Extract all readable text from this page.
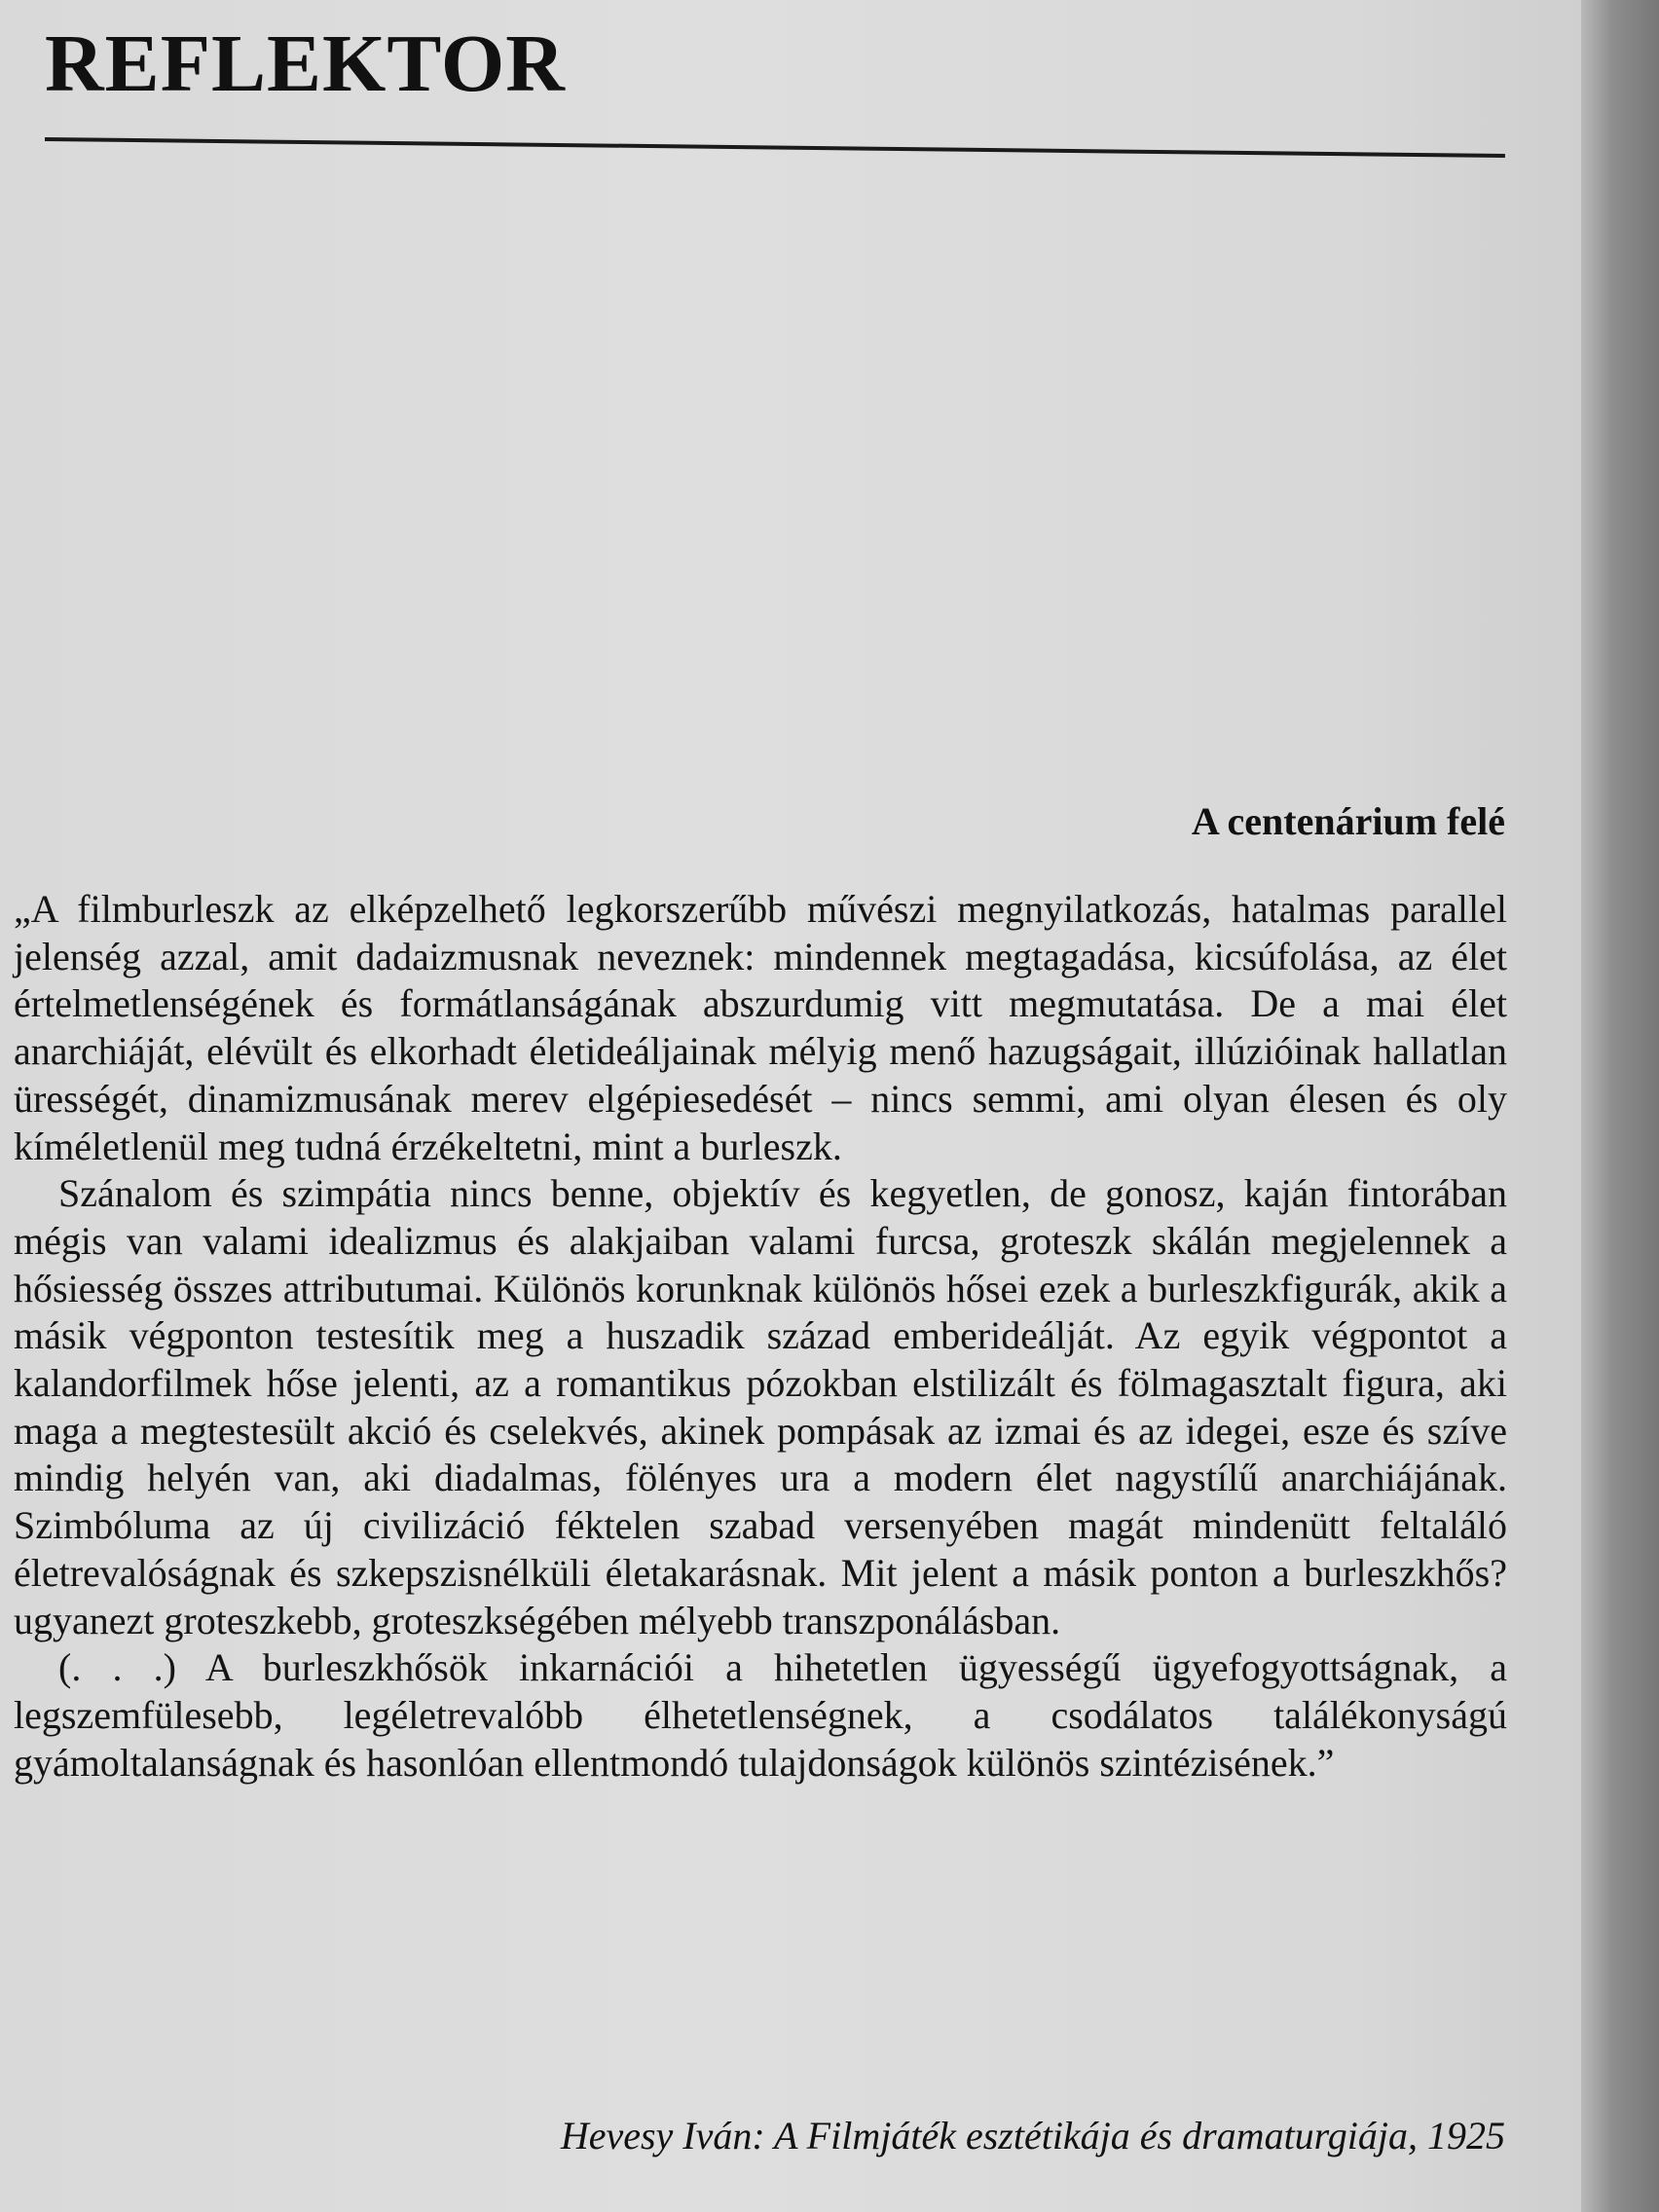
REFLEKTOR
A centenárium felé

„A filmburleszk az elképzelhető legkorszerűbb művészi megnyilatkozás, hatalmas parallel jelenség azzal, amit dadaizmusnak neveznek: mindennek megtagadása, kicsúfolása, az élet értelmetlenségének és formátlanságának abszurdumig vitt megmutatása. De a mai élet anarchiáját, elévült és elkorhadt életideáljainak mélyig menő hazugságait, illúzióinak hallatlan ürességét, dinamizmusának merev elgépiesedését – nincs semmi, ami olyan élesen és oly kíméletlenül meg tudná érzékeltetni, mint a burleszk.

Szánalom és szimpátia nincs benne, objektív és kegyetlen, de gonosz, kaján fintorában mégis van valami idealizmus és alakjaiban valami furcsa, groteszk skálán megjelennek a hősiesség összes attributumai. Különös korunknak különös hősei ezek a burleszkfigurák, akik a másik végponton testesítik meg a huszadik század emberideálját. Az egyik végpontot a kalandorfilmek hőse jelenti, az a romantikus pózokban elstilizált és fölmagasztalt figura, aki maga a megtestesült akció és cselekvés, akinek pompásak az izmai és az idegei, esze és szíve mindig helyén van, aki diadalmas, fölényes ura a modern élet nagystílű anarchiájának. Szimbóluma az új civilizáció féktelen szabad versenyében magát mindenütt feltaláló életrevalóságnak és szkepszisnélküli életakarásnak. Mit jelent a másik ponton a burleszkhős? ugyanezt groteszkebb, groteszkségében mélyebb transzponálásban.

(. . .) A burleszkhősök inkarnációi a hihetetlen ügyességű ügyefogyottságnak, a legszemfülesebb, legéletrevalóbb élhetetlenségnek, a csodálatos találékonyságú gyámoltalanságnak és hasonlóan ellentmondó tulajdonságok különös szintézisének.”

Hevesy Iván: A Filmjáték esztétikája és dramaturgiája, 1925
